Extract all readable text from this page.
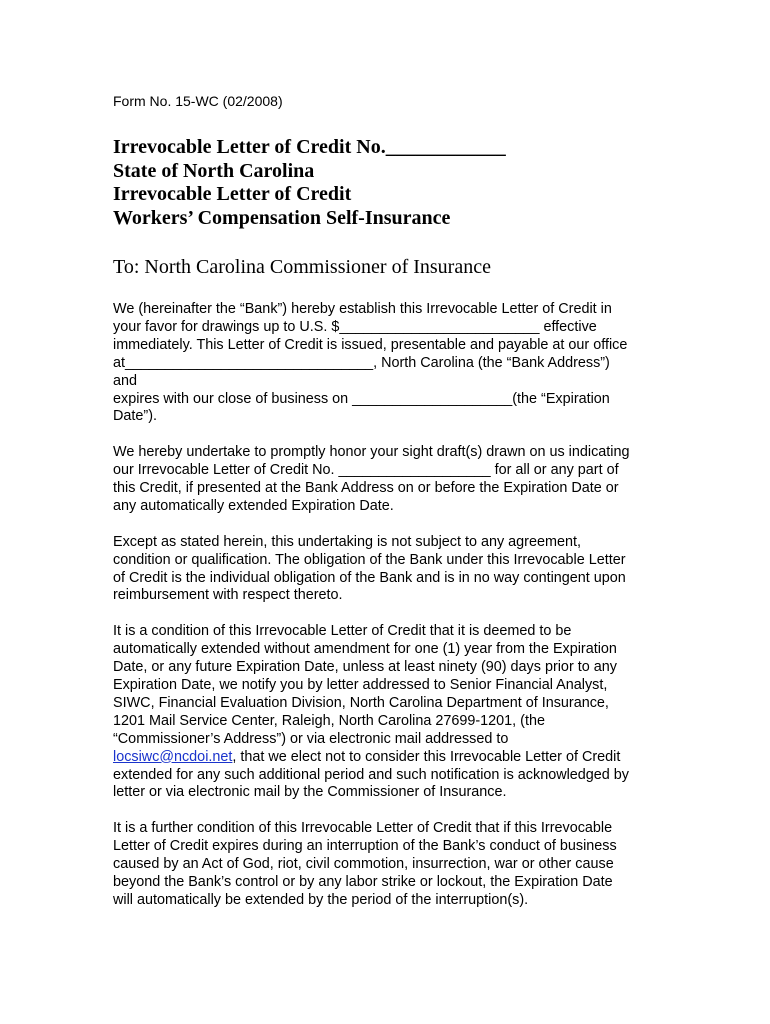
Form No. 15-WC (02/2008)
Irrevocable Letter of Credit No.____________
State of North Carolina
Irrevocable Letter of Credit
Workers’ Compensation Self-Insurance
To: North Carolina Commissioner of Insurance
We (hereinafter the “Bank”) hereby establish this Irrevocable Letter of Credit in
your favor for drawings up to U.S. $_________________________ effective
immediately. This Letter of Credit is issued, presentable and payable at our office
at_______________________________, North Carolina (the “Bank Address”)
and
expires with our close of business on ____________________(the “Expiration
Date”).
We hereby undertake to promptly honor your sight draft(s) drawn on us indicating
our Irrevocable Letter of Credit No. ___________________ for all or any part of
this Credit, if presented at the Bank Address on or before the Expiration Date or
any automatically extended Expiration Date.
Except as stated herein, this undertaking is not subject to any agreement,
condition or qualification. The obligation of the Bank under this Irrevocable Letter
of Credit is the individual obligation of the Bank and is in no way contingent upon
reimbursement with respect thereto.
It is a condition of this Irrevocable Letter of Credit that it is deemed to be
automatically extended without amendment for one (1) year from the Expiration
Date, or any future Expiration Date, unless at least ninety (90) days prior to any
Expiration Date, we notify you by letter addressed to Senior Financial Analyst,
SIWC, Financial Evaluation Division, North Carolina Department of Insurance,
1201 Mail Service Center, Raleigh, North Carolina 27699-1201, (the
“Commissioner’s Address”) or via electronic mail addressed to
locsiwc@ncdoi.net, that we elect not to consider this Irrevocable Letter of Credit
extended for any such additional period and such notification is acknowledged by
letter or via electronic mail by the Commissioner of Insurance.
It is a further condition of this Irrevocable Letter of Credit that if this Irrevocable
Letter of Credit expires during an interruption of the Bank’s conduct of business
caused by an Act of God, riot, civil commotion, insurrection, war or other cause
beyond the Bank’s control or by any labor strike or lockout, the Expiration Date
will automatically be extended by the period of the interruption(s).
